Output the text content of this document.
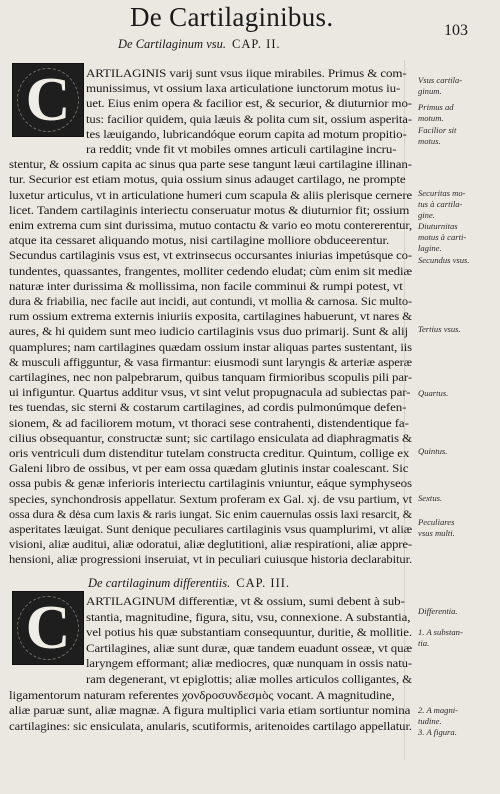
De Cartilaginibus.	103
De Cartilaginum vsu. CAP. II.
C	ARTILAGINIS varij sunt vsus iique mirabiles. Primus & com-
munissimus, vt ossium laxa articulatione iunctorum motus iu-
uet. Eius enim opera & facilior est, & securior, & diuturnior mo-
tus: facilior quidem, quia læuis & polita cum sit, ossium asperita-
tes læuigando, lubricandóque eorum capita ad motum propitio-
ra reddit; vnde fit vt mobiles omnes articuli cartilagine incru-
stentur, & ossium capita ac sinus qua parte sese tangunt læui cartilagine illinan-
tur. Securior est etiam motus, quia ossium sinus adauget cartilago, ne prompte
luxetur articulus, vt in articulatione humeri cum scapula & aliis plerisque cernere
licet. Tandem cartilaginis interiectu conseruatur motus & diuturnior fit; ossium
enim extrema cum sint durissima, mutuo contactu & vario eo motu contererentur,
atque ita cessaret aliquando motus, nisi cartilagine molliore obduceerentur.
Secundus cartilaginis vsus est, vt extrinsecus occursantes iniurias impetúsque co-
tundentes, quassantes, frangentes, molliter cedendo eludat; cùm enim sit mediæ
naturæ inter durissima & mollissima, non facile comminui & rumpi potest, vt
dura & friabilia, nec facile aut incidi, aut contundi, vt mollia & carnosa. Sic multo-
rum ossium extrema externis iniuriis exposita, cartilagines habuerunt, vt nares &
aures, & hi quidem sunt meo iudicio cartilaginis vsus duo primarij. Sunt & alij
quamplures; nam cartilagines quædam ossium instar aliquas partes sustentant, iis
& musculi affigguntur, & vasa firmantur: eiusmodi sunt laryngis & arteriæ asperæ
cartilagines, nec non palpebrarum, quibus tanquam firmioribus scopulis pili par-
ui infiguntur. Quartus additur vsus, vt sint velut propugnacula ad subiectas par-
tes tuendas, sic sterni & costarum cartilagines, ad cordis pulmonúmque defen-
sionem, & ad faciliorem motum, vt thoraci sese contrahenti, distendentique fa-
cilius obsequantur, constructæ sunt; sic cartilago ensiculata ad diaphragmatis &
oris ventriculi dum distenditur tutelam constructa creditur. Quintum, collige ex
Galeni libro de ossibus, vt per eam ossa quædam glutinis instar coalescant. Sic
ossa pubis & genæ inferioris interiectu cartilaginis vniuntur, eáque symphyseos
species, synchondrosis appellatur. Sextum proferam ex Gal. xj. de vsu partium, vt
ossa dura & dėsa cum laxis & raris iungat. Sic enim cauernulas ossis laxi resarcit, &
asperitates læuigat. Sunt denique peculiares cartilaginis vsus quamplurimi, vt aliæ
visioni, aliæ auditui, aliæ odoratui, aliæ deglutitioni, aliæ respirationi, aliæ appre-
hensioni, aliæ progressioni inseruiat, vt in peculiari cuiusque historia declarabitur.
Vsus cartila-
ginum.
Primus ad
motum.
Facilior sit
motus.
Securitas mo-
tus à cartila-
gine.
Diuturnitas
motus à carti-
lagine.
Secundus vsus.
Tertius vsus.
Quartus.
Quintus.
Sextus.
Peculiares
vsus multi.
De cartilaginum differentiis. CAP. III.
C	ARTILAGINUM differentiæ, vt & ossium, sumi debent à sub-
stantia, magnitudine, figura, situ, vsu, connexione. A substantia,
vel potius his quæ substantiam consequuntur, duritie, & mollitie.
Cartilagines, aliæ sunt duræ, quæ tandem euadunt osseæ, vt quæ
laryngem efformant; aliæ mediocres, quæ nunquam in ossis natu-
ram degenerant, vt epiglottis; aliæ molles articulos colligantes, &
ligamentorum naturam referentes χονδροσυνδεσμὸς vocant. A magnitudine,
aliæ paruæ sunt, aliæ magnæ. A figura multiplici varia etiam sortiuntur nomina
cartilagines: sic ensiculata, anularis, scutiformis, aritenoides cartilago appellatur.
Differentia.
1. A substan-
tia.
2. A magni-
tudine.
3. A figura.
